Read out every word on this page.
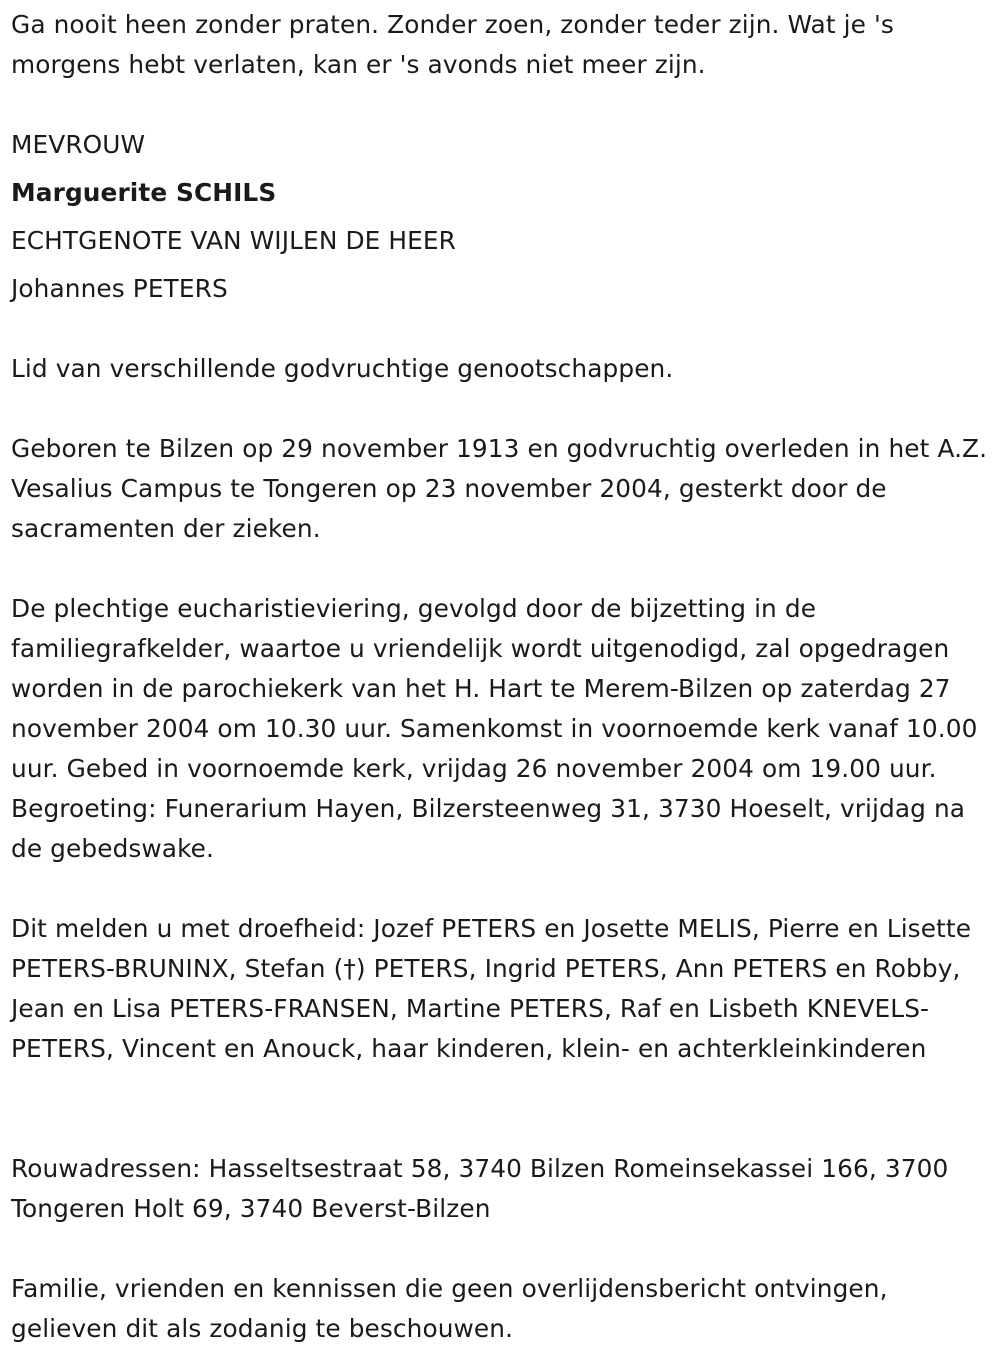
Ga nooit heen zonder praten. Zonder zoen, zonder teder zijn. Wat je 's morgens hebt verlaten, kan er 's avonds niet meer zijn.

MEVROUW

Marguerite SCHILS

ECHTGENOTE VAN WIJLEN DE HEER

Johannes PETERS

Lid van verschillende godvruchtige genootschappen.

Geboren te Bilzen op 29 november 1913 en godvruchtig overleden in het A.Z. Vesalius Campus te Tongeren op 23 november 2004, gesterkt door de sacramenten der zieken.

De plechtige eucharistieviering, gevolgd door de bijzetting in de familiegrafkelder, waartoe u vriendelijk wordt uitgenodigd, zal opgedragen worden in de parochiekerk van het H. Hart te Merem-Bilzen op zaterdag 27 november 2004 om 10.30 uur. Samenkomst in voornoemde kerk vanaf 10.00 uur. Gebed in voornoemde kerk, vrijdag 26 november 2004 om 19.00 uur. Begroeting: Funerarium Hayen, Bilzersteenweg 31, 3730 Hoeselt, vrijdag na de gebedswake.

Dit melden u met droefheid: Jozef PETERS en Josette MELIS, Pierre en Lisette PETERS-BRUNINX, Stefan (†) PETERS, Ingrid PETERS, Ann PETERS en Robby, Jean en Lisa PETERS-FRANSEN, Martine PETERS, Raf en Lisbeth KNEVELS-PETERS, Vincent en Anouck, haar kinderen, klein- en achterkleinkinderen

Rouwadressen: Hasseltsestraat 58, 3740 Bilzen Romeinsekassei 166, 3700 Tongeren Holt 69, 3740 Beverst-Bilzen

Familie, vrienden en kennissen die geen overlijdensbericht ontvingen, gelieven dit als zodanig te beschouwen.
